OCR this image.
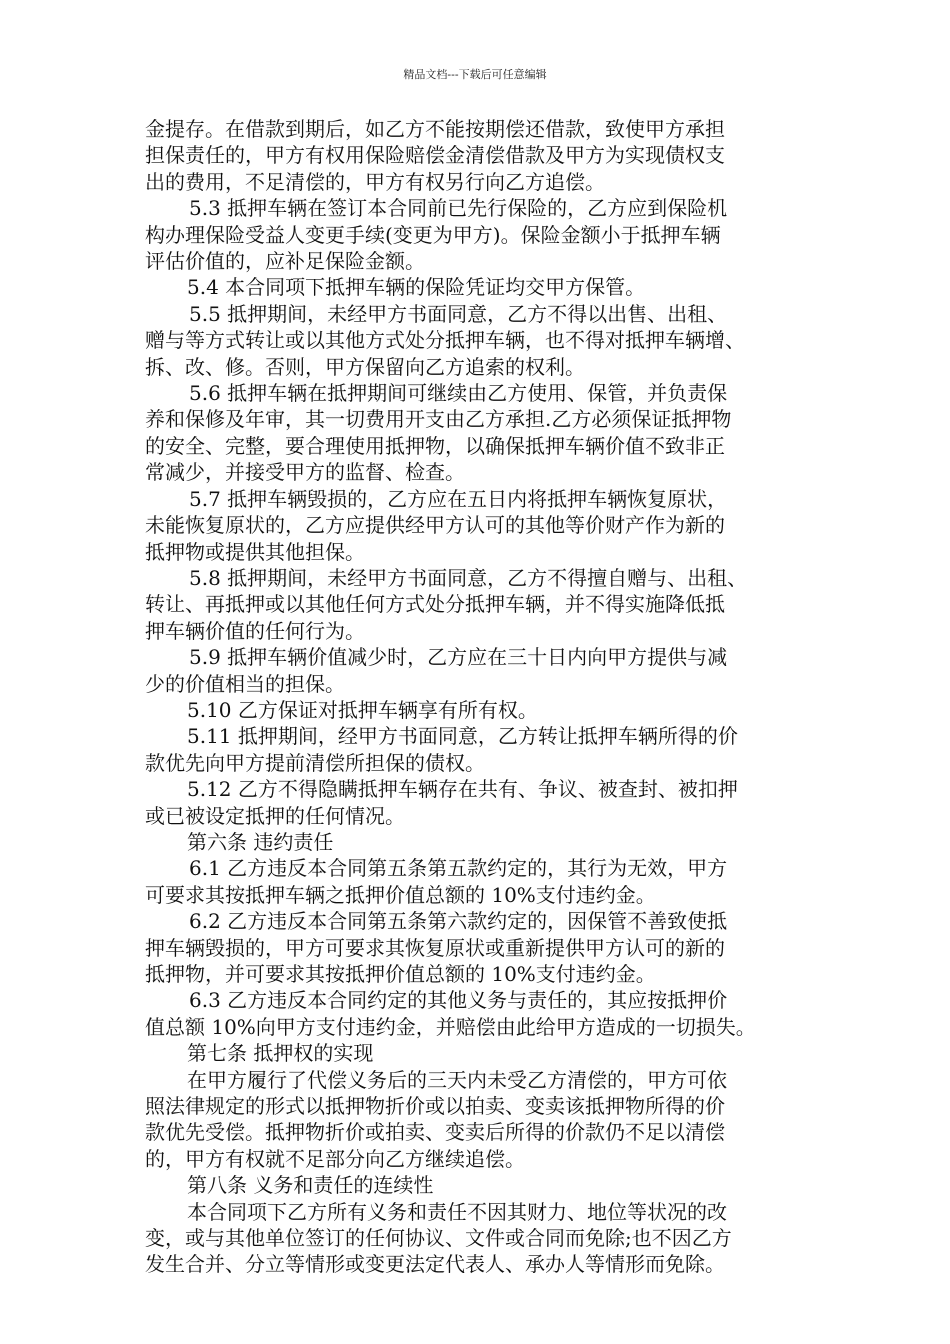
精品文档---下载后可任意编辑

金提存。在借款到期后，如乙方不能按期偿还借款，致使甲方承担

担保责任的，甲方有权用保险赔偿金清偿借款及甲方为实现债权支

出的费用，不足清偿的，甲方有权另行向乙方追偿。

5.3 抵押车辆在签订本合同前已先行保险的，乙方应到保险机

构办理保险受益人变更手续(变更为甲方)。保险金额小于抵押车辆

评估价值的，应补足保险金额。

5.4 本合同项下抵押车辆的保险凭证均交甲方保管。

5.5 抵押期间，未经甲方书面同意，乙方不得以出售、出租、

赠与等方式转让或以其他方式处分抵押车辆，也不得对抵押车辆增、

拆、改、修。否则，甲方保留向乙方追索的权利。

5.6 抵押车辆在抵押期间可继续由乙方使用、保管，并负责保

养和保修及年审，其一切费用开支由乙方承担.乙方必须保证抵押物

的安全、完整，要合理使用抵押物，以确保抵押车辆价值不致非正

常减少，并接受甲方的监督、检查。

5.7 抵押车辆毁损的，乙方应在五日内将抵押车辆恢复原状，

未能恢复原状的，乙方应提供经甲方认可的其他等价财产作为新的

抵押物或提供其他担保。

5.8 抵押期间，未经甲方书面同意，乙方不得擅自赠与、出租、

转让、再抵押或以其他任何方式处分抵押车辆，并不得实施降低抵

押车辆价值的任何行为。

5.9 抵押车辆价值减少时，乙方应在三十日内向甲方提供与减

少的价值相当的担保。

5.10 乙方保证对抵押车辆享有所有权。

5.11 抵押期间，经甲方书面同意，乙方转让抵押车辆所得的价

款优先向甲方提前清偿所担保的债权。

5.12 乙方不得隐瞒抵押车辆存在共有、争议、被查封、被扣押

或已被设定抵押的任何情况。

第六条 违约责任

6.1 乙方违反本合同第五条第五款约定的，其行为无效，甲方

可要求其按抵押车辆之抵押价值总额的 10%支付违约金。

6.2 乙方违反本合同第五条第六款约定的，因保管不善致使抵

押车辆毁损的，甲方可要求其恢复原状或重新提供甲方认可的新的

抵押物，并可要求其按抵押价值总额的 10%支付违约金。

6.3 乙方违反本合同约定的其他义务与责任的，其应按抵押价

值总额 10%向甲方支付违约金，并赔偿由此给甲方造成的一切损失。

第七条 抵押权的实现

在甲方履行了代偿义务后的三天内未受乙方清偿的，甲方可依

照法律规定的形式以抵押物折价或以拍卖、变卖该抵押物所得的价

款优先受偿。抵押物折价或拍卖、变卖后所得的价款仍不足以清偿

的，甲方有权就不足部分向乙方继续追偿。

第八条 义务和责任的连续性

本合同项下乙方所有义务和责任不因其财力、地位等状况的改

变，或与其他单位签订的任何协议、文件或合同而免除;也不因乙方

发生合并、分立等情形或变更法定代表人、承办人等情形而免除。
